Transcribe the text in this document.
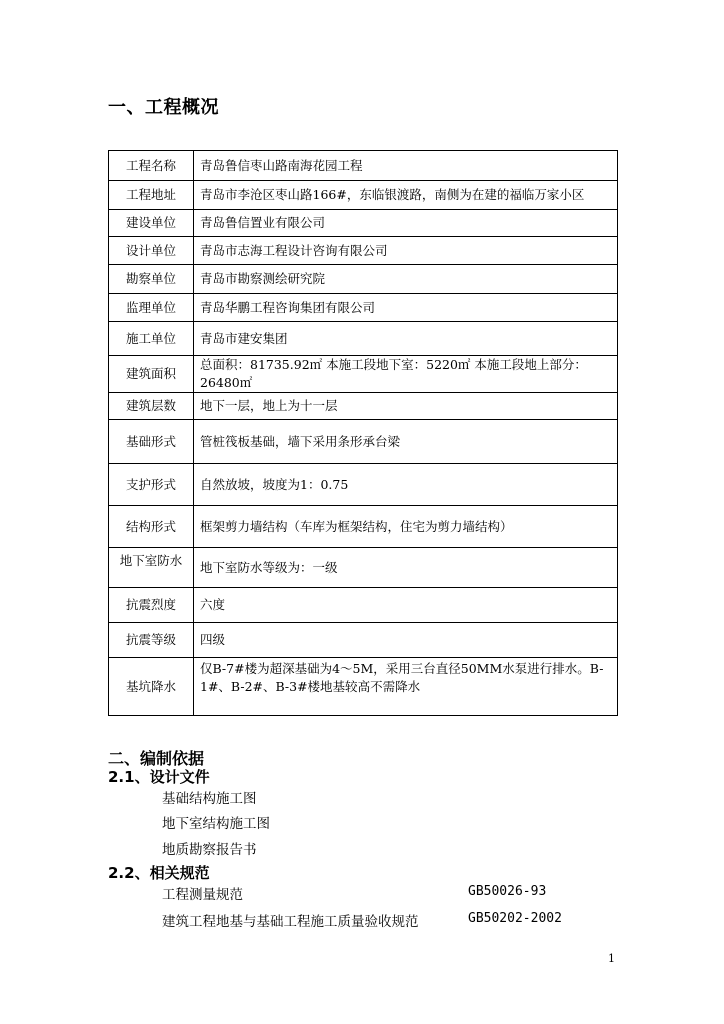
一、工程概况
工程名称	青岛鲁信枣山路南海花园工程
工程地址	青岛市李沧区枣山路166#，东临银渡路，南侧为在建的福临万家小区
建设单位	青岛鲁信置业有限公司
设计单位	青岛市志海工程设计咨询有限公司
勘察单位	青岛市勘察测绘研究院
监理单位	青岛华鹏工程咨询集团有限公司
施工单位	青岛市建安集团
建筑面积	总面积：81735.92㎡ 本施工段地下室：5220㎡ 本施工段地上部分：26480㎡
建筑层数	地下一层，地上为十一层
基础形式	管桩筏板基础，墙下采用条形承台梁
支护形式	自然放坡，坡度为1：0.75
结构形式	框架剪力墙结构（车库为框架结构，住宅为剪力墙结构）
地下室防水	地下室防水等级为：一级
抗震烈度	六度
抗震等级	四级
基坑降水	仅B-7#楼为超深基础为4～5M，采用三台直径50MM水泵进行排水。B-1#、B-2#、B-3#楼地基较高不需降水
二、编制依据
2.1、设计文件
基础结构施工图
地下室结构施工图
地质勘察报告书
2.2、相关规范
工程测量规范	GB50026-93
建筑工程地基与基础工程施工质量验收规范	GB50202-2002
1
